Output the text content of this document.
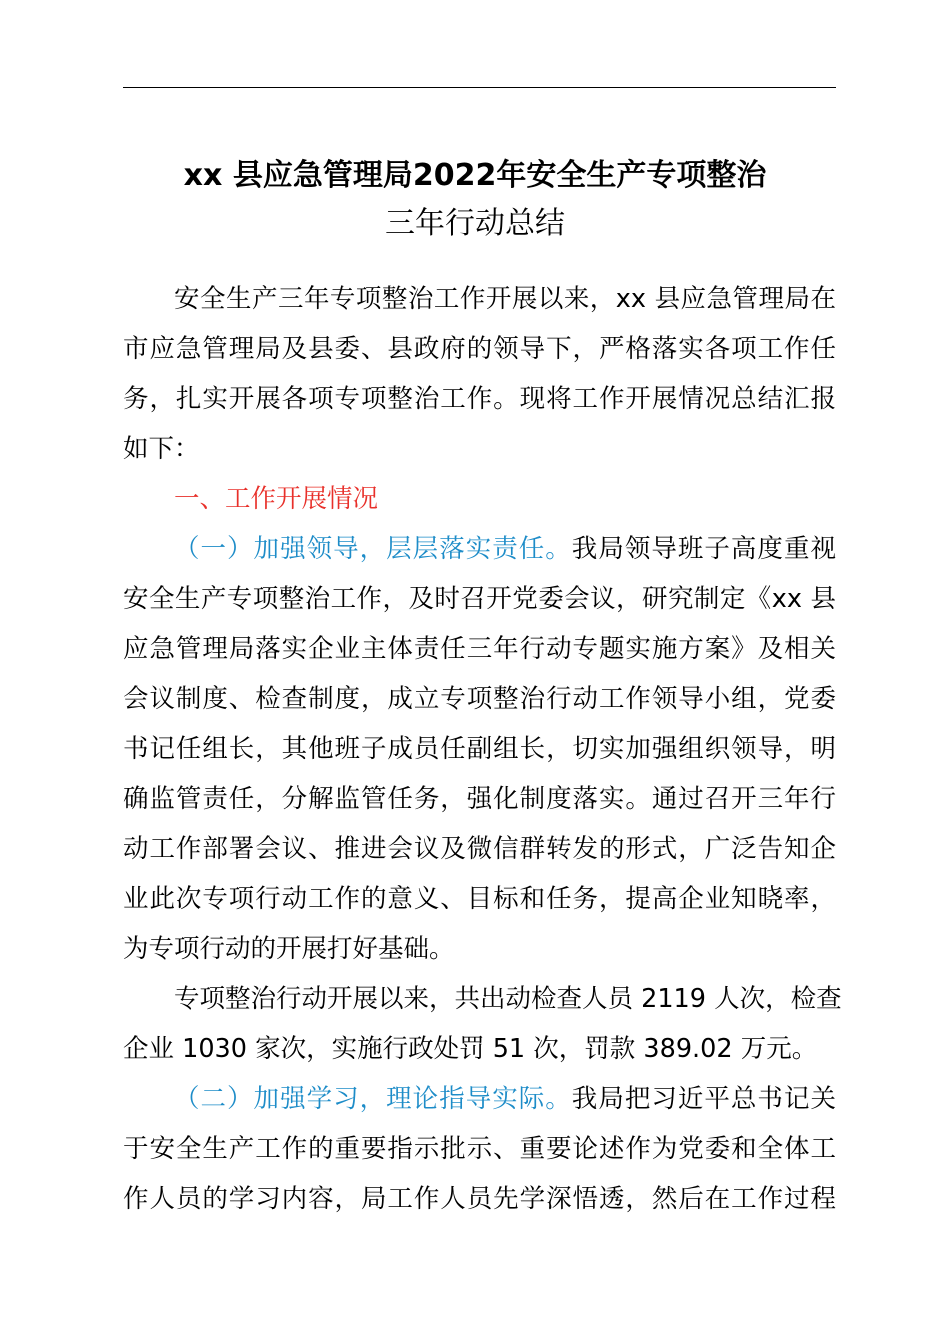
xx 县应急管理局2022年安全生产专项整治
三年行动总结
安全生产三年专项整治工作开展以来，xx 县应急管理局在
市应急管理局及县委、县政府的领导下，严格落实各项工作任
务，扎实开展各项专项整治工作。现将工作开展情况总结汇报
如下：
一、工作开展情况
（一）加强领导，层层落实责任。我局领导班子高度重视
安全生产专项整治工作，及时召开党委会议，研究制定《xx 县
应急管理局落实企业主体责任三年行动专题实施方案》及相关
会议制度、检查制度，成立专项整治行动工作领导小组，党委
书记任组长，其他班子成员任副组长，切实加强组织领导，明
确监管责任，分解监管任务，强化制度落实。通过召开三年行
动工作部署会议、推进会议及微信群转发的形式，广泛告知企
业此次专项行动工作的意义、目标和任务，提高企业知晓率，
为专项行动的开展打好基础。
专项整治行动开展以来，共出动检查人员 2119 人次，检查
企业 1030 家次，实施行政处罚 51 次，罚款 389.02 万元。
（二）加强学习，理论指导实际。我局把习近平总书记关
于安全生产工作的重要指示批示、重要论述作为党委和全体工
作人员的学习内容，局工作人员先学深悟透，然后在工作过程
